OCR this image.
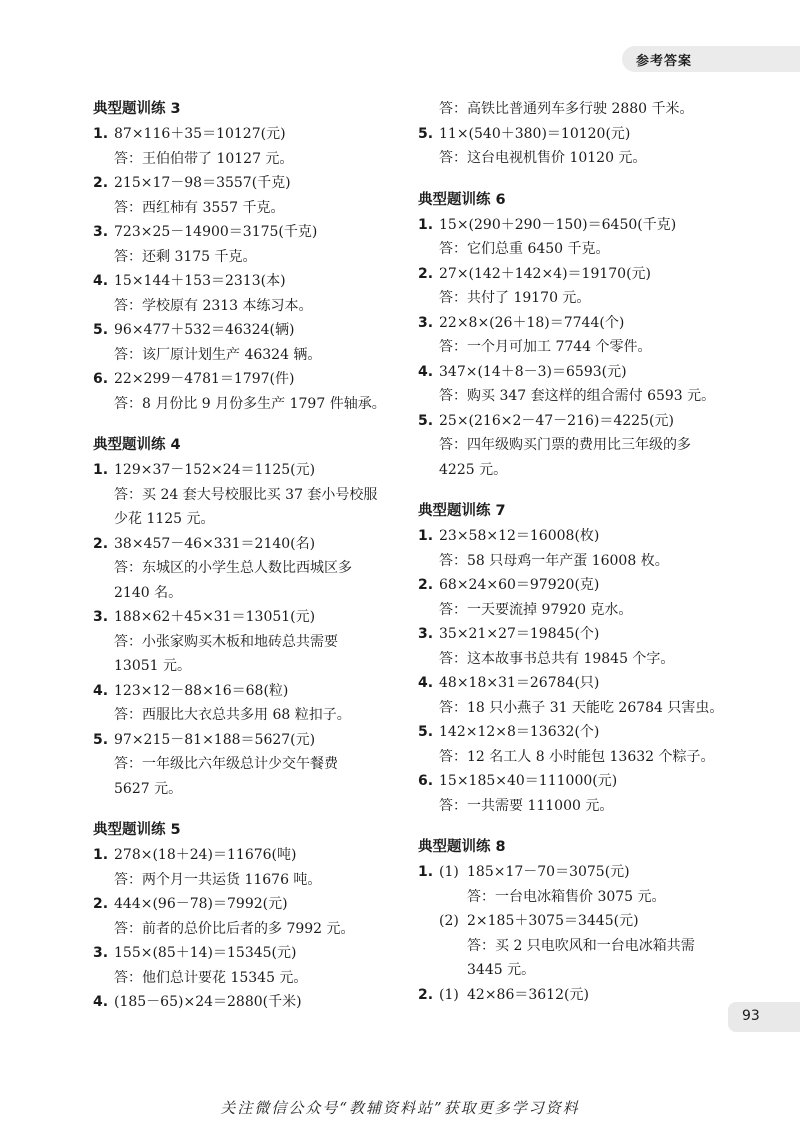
参考答案
典型题训练 3
1. 87×116＋35＝10127(元)
答：王伯伯带了 10127 元。
2. 215×17－98＝3557(千克)
答：西红柿有 3557 千克。
3. 723×25－14900＝3175(千克)
答：还剩 3175 千克。
4. 15×144＋153＝2313(本)
答：学校原有 2313 本练习本。
5. 96×477＋532＝46324(辆)
答：该厂原计划生产 46324 辆。
6. 22×299－4781＝1797(件)
答：8 月份比 9 月份多生产 1797 件轴承。
典型题训练 4
1. 129×37－152×24＝1125(元)
答：买 24 套大号校服比买 37 套小号校服
少花 1125 元。
2. 38×457－46×331＝2140(名)
答：东城区的小学生总人数比西城区多
2140 名。
3. 188×62＋45×31＝13051(元)
答：小张家购买木板和地砖总共需要
13051 元。
4. 123×12－88×16＝68(粒)
答：西服比大衣总共多用 68 粒扣子。
5. 97×215－81×188＝5627(元)
答：一年级比六年级总计少交午餐费
5627 元。
典型题训练 5
1. 278×(18＋24)＝11676(吨)
答：两个月一共运货 11676 吨。
2. 444×(96－78)＝7992(元)
答：前者的总价比后者的多 7992 元。
3. 155×(85＋14)＝15345(元)
答：他们总计要花 15345 元。
4. (185－65)×24＝2880(千米)
答：高铁比普通列车多行驶 2880 千米。
5. 11×(540＋380)＝10120(元)
答：这台电视机售价 10120 元。
典型题训练 6
1. 15×(290＋290－150)＝6450(千克)
答：它们总重 6450 千克。
2. 27×(142＋142×4)＝19170(元)
答：共付了 19170 元。
3. 22×8×(26＋18)＝7744(个)
答：一个月可加工 7744 个零件。
4. 347×(14＋8－3)＝6593(元)
答：购买 347 套这样的组合需付 6593 元。
5. 25×(216×2－47－216)＝4225(元)
答：四年级购买门票的费用比三年级的多
4225 元。
典型题训练 7
1. 23×58×12＝16008(枚)
答：58 只母鸡一年产蛋 16008 枚。
2. 68×24×60＝97920(克)
答：一天要流掉 97920 克水。
3. 35×21×27＝19845(个)
答：这本故事书总共有 19845 个字。
4. 48×18×31＝26784(只)
答：18 只小燕子 31 天能吃 26784 只害虫。
5. 142×12×8＝13632(个)
答：12 名工人 8 小时能包 13632 个粽子。
6. 15×185×40＝111000(元)
答：一共需要 111000 元。
典型题训练 8
1. (1) 185×17－70＝3075(元)
答：一台电冰箱售价 3075 元。
(2) 2×185＋3075＝3445(元)
答：买 2 只电吹风和一台电冰箱共需
3445 元。
2. (1) 42×86＝3612(元)
93
关注微信公众号“教辅资料站”获取更多学习资料
